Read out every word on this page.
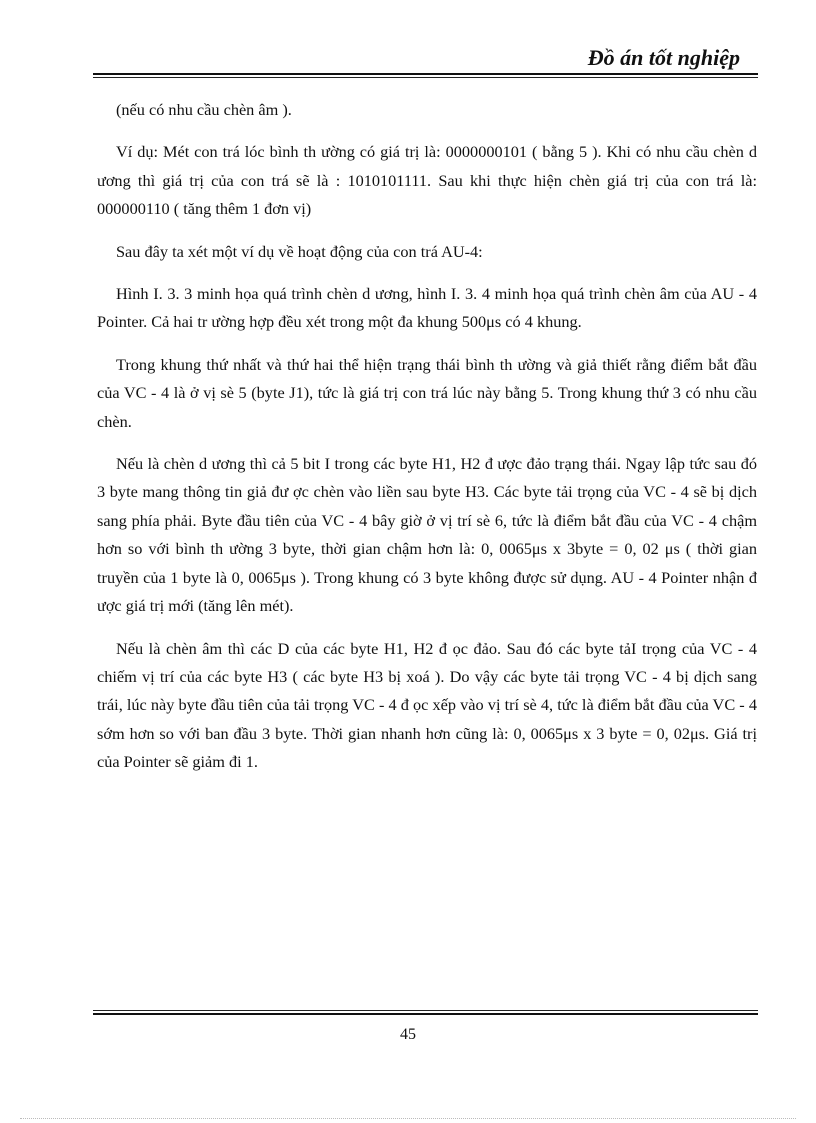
Đồ án tốt nghiệp

(nếu có nhu cầu chèn âm ).

Ví dụ: Mét con trá lóc bình th ường có giá trị là: 0000000101 ( bằng 5 ). Khi có nhu cầu chèn d ương thì giá trị của con trá sẽ là : 1010101111. Sau khi thực hiện chèn giá trị của con trá là: 000000110 ( tăng thêm 1 đơn vị)

Sau đây ta xét một ví dụ về hoạt động của con trá AU-4:

Hình I. 3. 3 minh họa quá trình chèn d ương, hình I. 3. 4 minh họa quá trình chèn âm của AU - 4 Pointer. Cả hai tr ường hợp đều xét trong một đa khung 500μs có 4 khung.

Trong khung thứ nhất và thứ hai thể hiện trạng thái bình th ường và giả thiết rằng điểm bắt đầu của VC - 4 là ở vị sè 5 (byte J1), tức là giá trị con trá lúc này bằng 5. Trong khung thứ 3 có nhu cầu chèn.

Nếu là chèn d ương thì cả 5 bit I trong các byte H1, H2 đ ược đảo trạng thái. Ngay lập tức sau đó 3 byte mang thông tin giả đư ợc chèn vào liền sau byte H3. Các byte tải trọng của VC - 4 sẽ bị dịch sang phía phải. Byte đầu tiên của VC - 4 bây giờ ở vị trí sè 6, tức là điểm bắt đầu của VC - 4 chậm hơn so với bình th ường 3 byte, thời gian chậm hơn là: 0, 0065μs x 3byte = 0, 02 μs ( thời gian truyền của 1 byte là 0, 0065μs ). Trong khung có 3 byte không được sử dụng. AU - 4 Pointer nhận đ ược giá trị mới (tăng lên mét).

Nếu là chèn âm thì các D của các byte H1, H2 đ ọc đảo. Sau đó các byte tảI trọng của VC - 4 chiếm vị trí của các byte H3 ( các byte H3 bị xoá ). Do vậy các byte tải trọng VC - 4 bị dịch sang trái, lúc này byte đầu tiên của tải trọng VC - 4 đ ọc xếp vào vị trí sè 4, tức là điểm bắt đầu của VC - 4 sớm hơn so với ban đầu 3 byte. Thời gian nhanh hơn cũng là: 0, 0065μs x 3 byte = 0, 02μs. Giá trị của Pointer sẽ giảm đi 1.

45
